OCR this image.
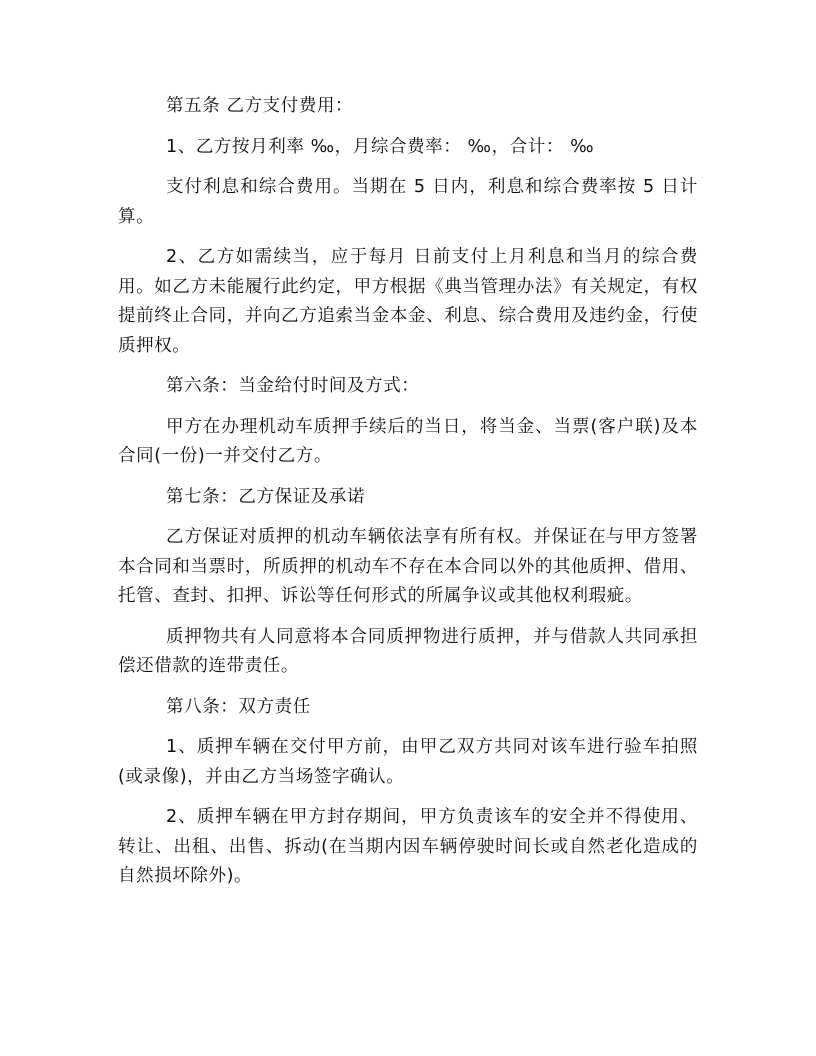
第五条 乙方支付费用：

1、乙方按月利率 ‰，月综合费率： ‰，合计： ‰

支付利息和综合费用。当期在 5 日内，利息和综合费率按 5 日计算。

2、乙方如需续当，应于每月 日前支付上月利息和当月的综合费用。如乙方未能履行此约定，甲方根据《典当管理办法》有关规定，有权提前终止合同，并向乙方追索当金本金、利息、综合费用及违约金，行使质押权。

第六条：当金给付时间及方式：

甲方在办理机动车质押手续后的当日，将当金、当票(客户联)及本合同(一份)一并交付乙方。

第七条：乙方保证及承诺

乙方保证对质押的机动车辆依法享有所有权。并保证在与甲方签署本合同和当票时，所质押的机动车不存在本合同以外的其他质押、借用、托管、查封、扣押、诉讼等任何形式的所属争议或其他权利瑕疵。

质押物共有人同意将本合同质押物进行质押，并与借款人共同承担偿还借款的连带责任。

第八条：双方责任

1、质押车辆在交付甲方前，由甲乙双方共同对该车进行验车拍照(或录像)，并由乙方当场签字确认。

2、质押车辆在甲方封存期间，甲方负责该车的安全并不得使用、转让、出租、出售、拆动(在当期内因车辆停驶时间长或自然老化造成的自然损坏除外)。
